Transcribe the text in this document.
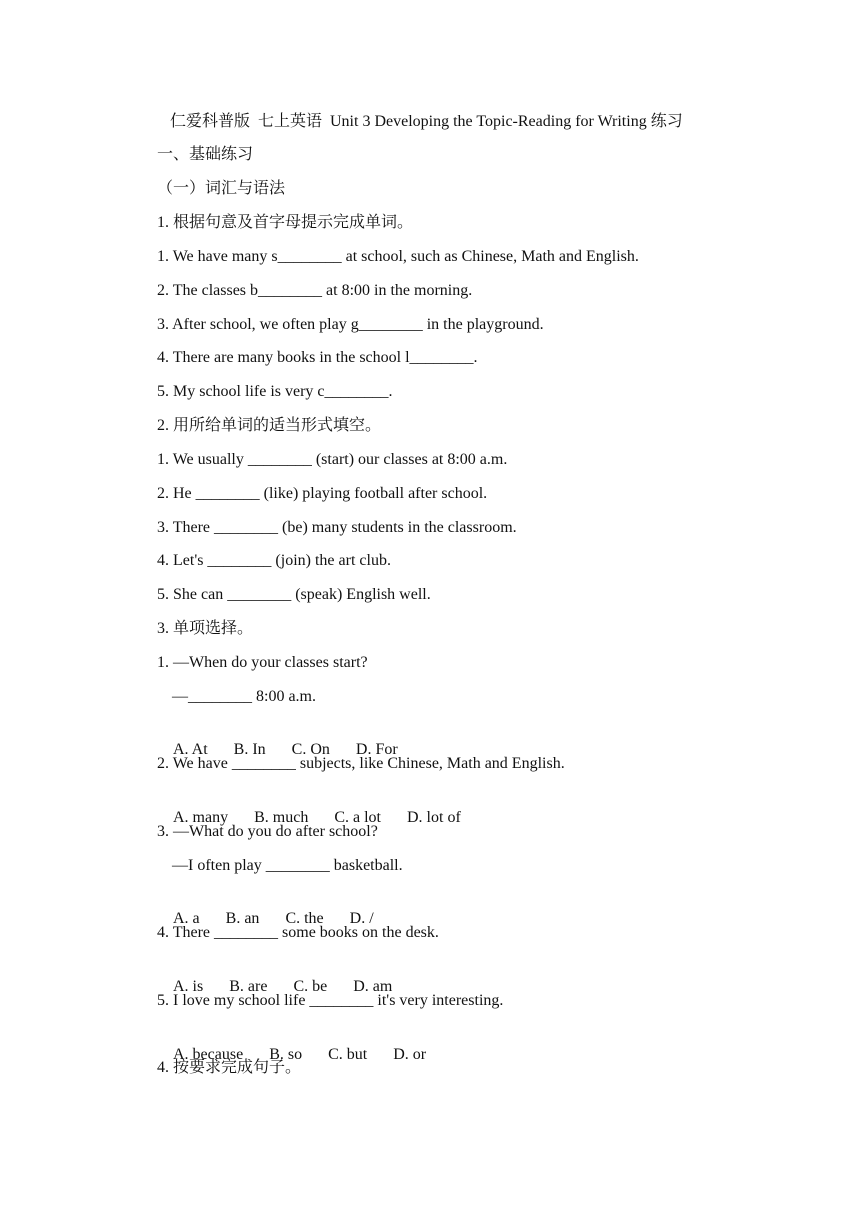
仁爱科普版  七上英语  Unit 3 Developing the Topic-Reading for Writing 练习
一、基础练习
（一）词汇与语法
1. 根据句意及首字母提示完成单词。
1. We have many s________ at school, such as Chinese, Math and English.
2. The classes b________ at 8:00 in the morning.
3. After school, we often play g________ in the playground.
4. There are many books in the school l________.
5. My school life is very c________.
2. 用所给单词的适当形式填空。
1. We usually ________ (start) our classes at 8:00 a.m.
2. He ________ (like) playing football after school.
3. There ________ (be) many students in the classroom.
4. Let's ________ (join) the art club.
5. She can ________ (speak) English well.
3. 单项选择。
1. —When do your classes start?
—________ 8:00 a.m.

A. At B. In C. On D. For

2. We have ________ subjects, like Chinese, Math and English.

A. many B. much C. a lot D. lot of

3. —What do you do after school?
—I often play ________ basketball.

A. a B. an C. the D. /

4. There ________ some books on the desk.

A. is B. are C. be D. am

5. I love my school life ________ it's very interesting.

A. because B. so C. but D. or

4. 按要求完成句子。
